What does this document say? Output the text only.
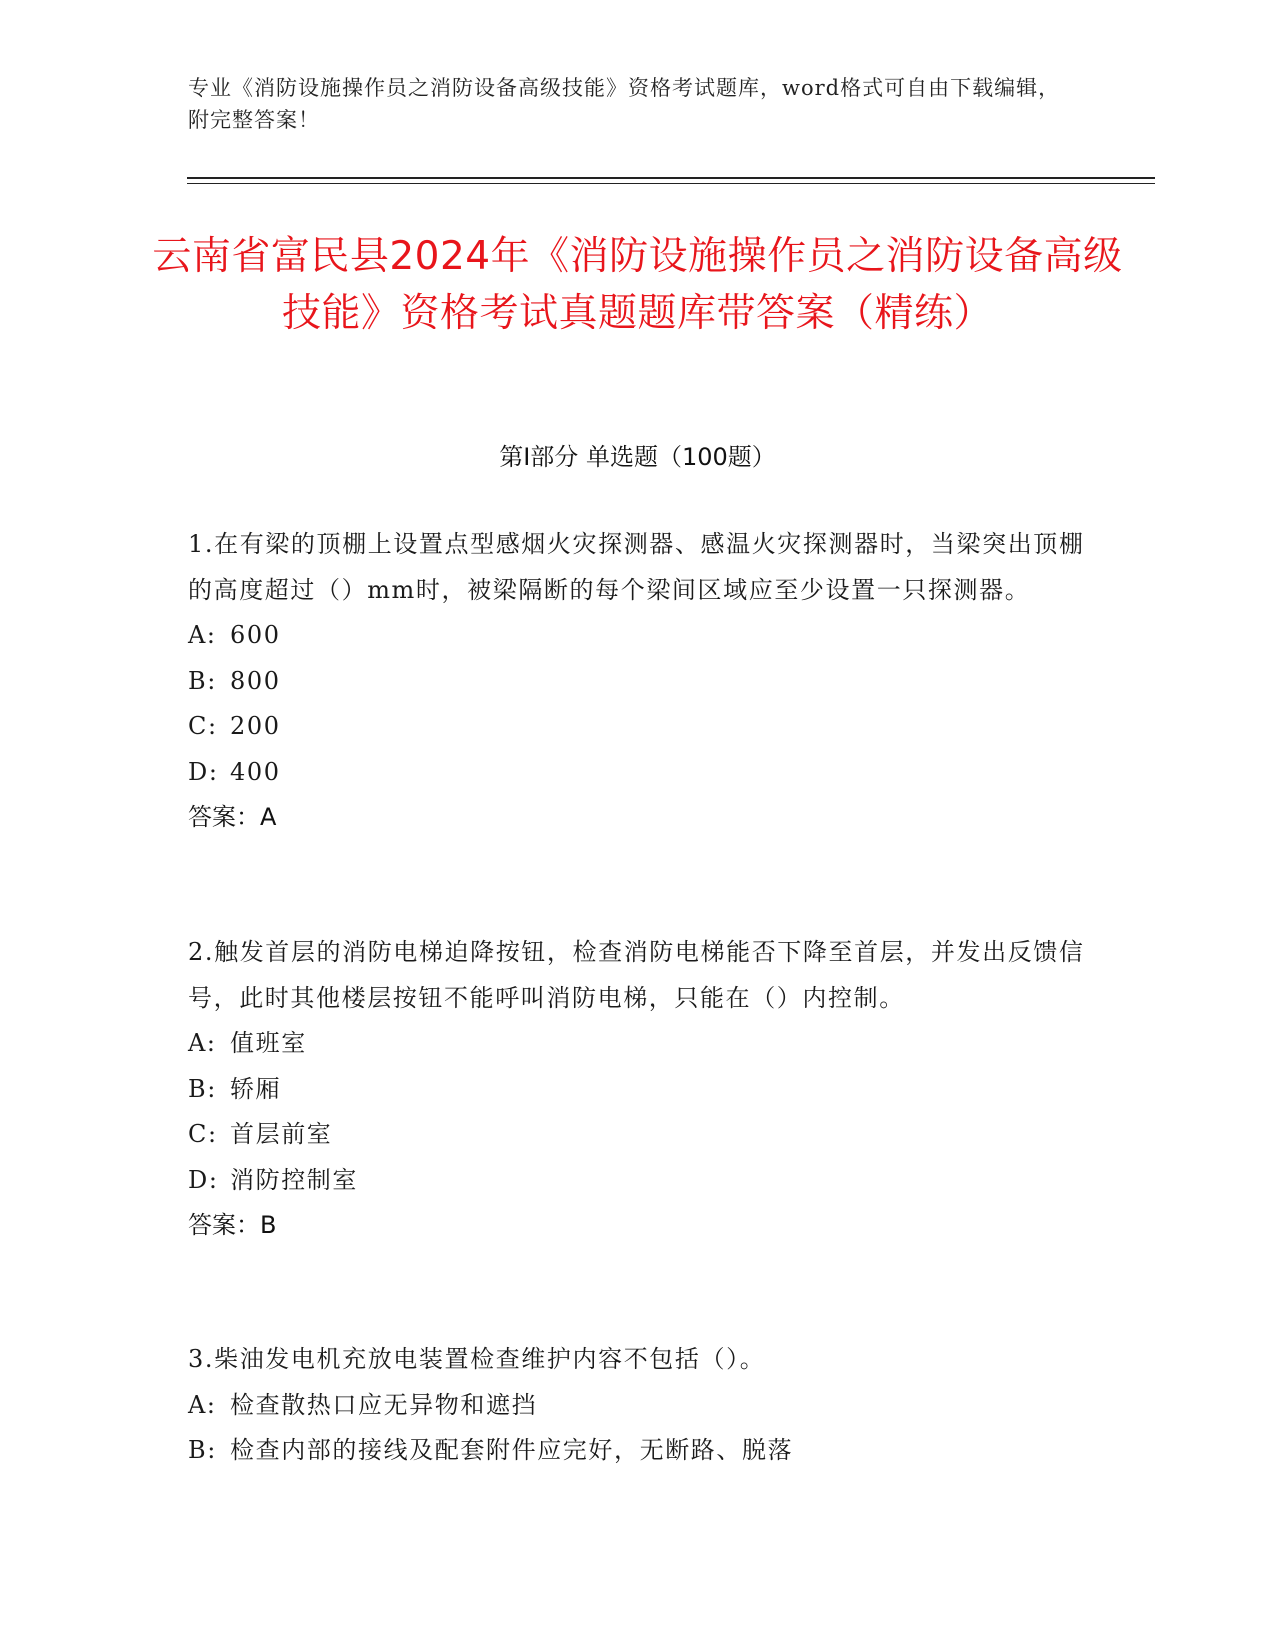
专业《消防设施操作员之消防设备高级技能》资格考试题库，word格式可自由下载编辑，附完整答案！
云南省富民县2024年《消防设施操作员之消防设备高级技能》资格考试真题题库带答案（精练）
第I部分 单选题（100题）

1.在有梁的顶棚上设置点型感烟火灾探测器、感温火灾探测器时，当梁突出顶棚的高度超过（）mm时，被梁隔断的每个梁间区域应至少设置一只探测器。

A: 600

B: 800

C: 200

D: 400

答案：A

2.触发首层的消防电梯迫降按钮，检查消防电梯能否下降至首层，并发出反馈信号，此时其他楼层按钮不能呼叫消防电梯，只能在（）内控制。

A: 值班室

B: 轿厢

C: 首层前室

D: 消防控制室

答案：B

3.柴油发电机充放电装置检查维护内容不包括（）。

A: 检查散热口应无异物和遮挡

B: 检查内部的接线及配套附件应完好，无断路、脱落
